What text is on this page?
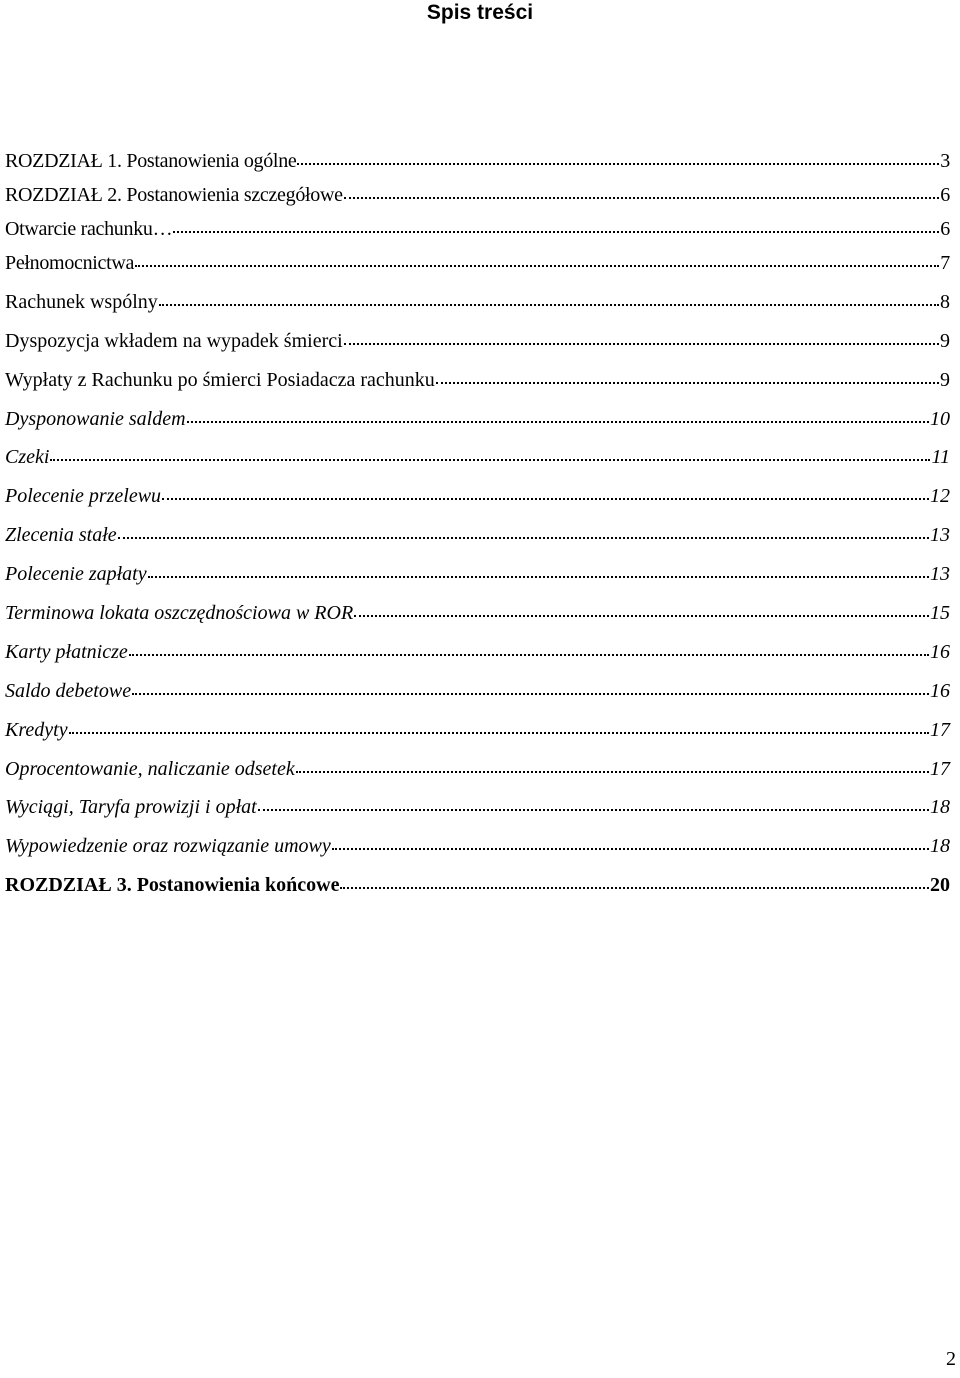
Spis treści
ROZDZIAŁ 1. Postanowienia ogólne	3
ROZDZIAŁ 2. Postanowienia szczegółowe	6
Otwarcie rachunku…	6
Pełnomocnictwa	7
Rachunek wspólny	8
Dyspozycja wkładem na wypadek śmierci	9
Wypłaty z Rachunku po śmierci Posiadacza rachunku	9
Dysponowanie saldem	10
Czeki	11
Polecenie przelewu	12
Zlecenia stałe	13
Polecenie zapłaty	13
Terminowa lokata oszczędnościowa w ROR	15
Karty płatnicze	16
Saldo debetowe	16
Kredyty	17
Oprocentowanie, naliczanie odsetek	17
Wyciągi, Taryfa prowizji i opłat	18
Wypowiedzenie oraz rozwiązanie umowy	18
ROZDZIAŁ 3. Postanowienia końcowe	20
2
